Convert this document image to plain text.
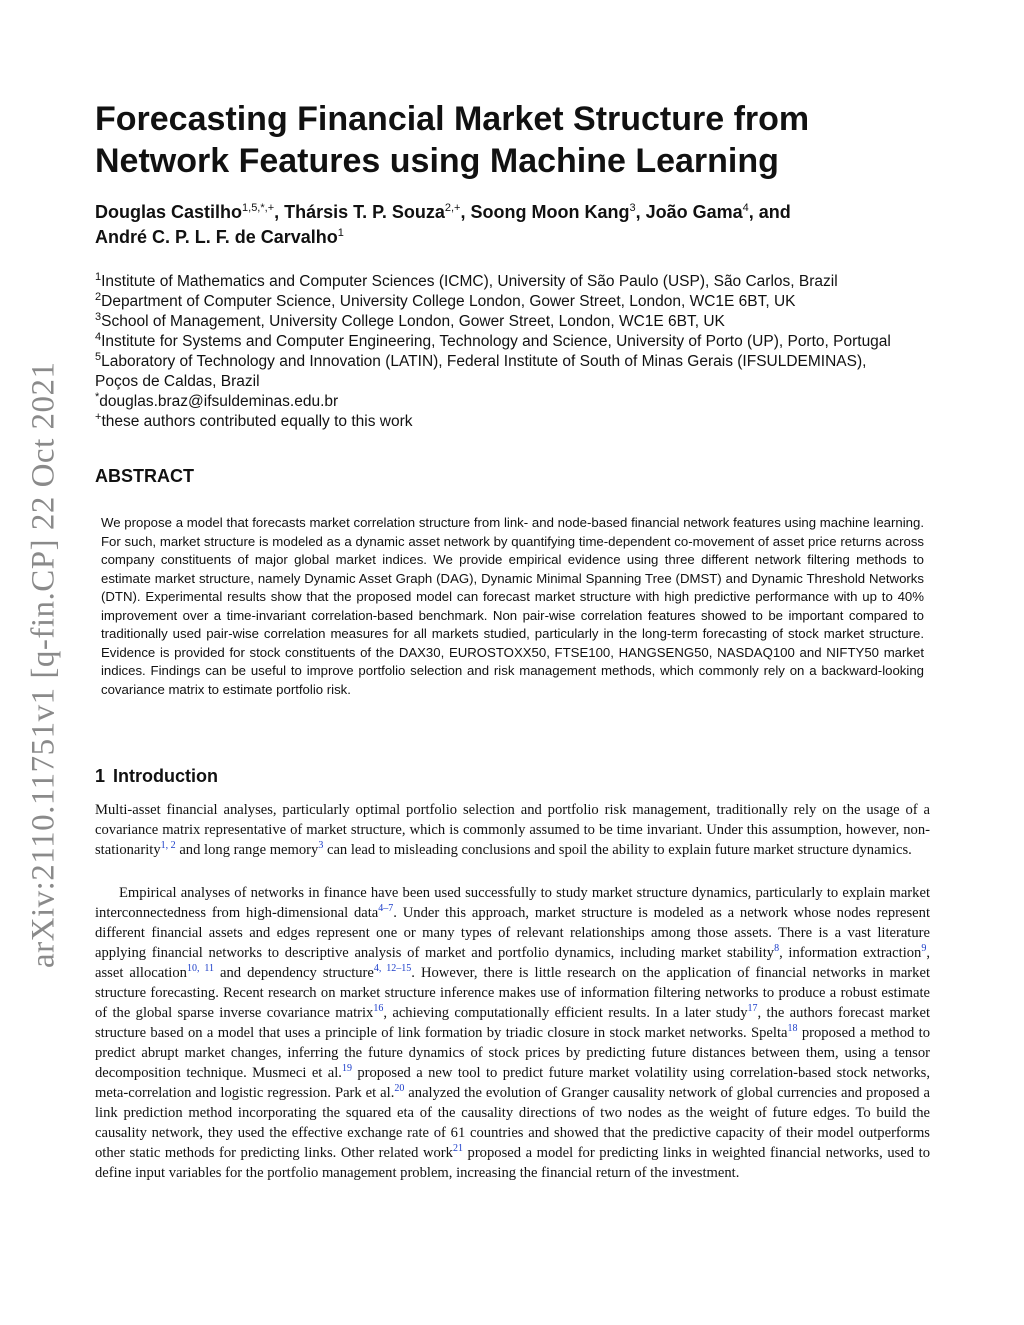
arXiv:2110.11751v1 [q-fin.CP] 22 Oct 2021
Forecasting Financial Market Structure from
Network Features using Machine Learning
Douglas Castilho$^{1,5,*,+}$, Thársis T. P. Souza$^{2,+}$, Soong Moon Kang$^3$, João Gama$^4$, and
André C. P. L. F. de Carvalho$^1$
$^1$Institute of Mathematics and Computer Sciences (ICMC), University of São Paulo (USP), São Carlos, Brazil
$^2$Department of Computer Science, University College London, Gower Street, London, WC1E 6BT, UK
$^3$School of Management, University College London, Gower Street, London, WC1E 6BT, UK
$^4$Institute for Systems and Computer Engineering, Technology and Science, University of Porto (UP), Porto, Portugal
$^5$Laboratory of Technology and Innovation (LATIN), Federal Institute of South of Minas Gerais (IFSULDEMINAS),
Poços de Caldas, Brazil
*douglas.braz@ifsuldeminas.edu.br
+these authors contributed equally to this work
ABSTRACT

We propose a model that forecasts market correlation structure from link- and node-based financial network features using machine learning. For such, market structure is modeled as a dynamic asset network by quantifying time-dependent co-movement of asset price returns across company constituents of major global market indices. We provide empirical evidence using three different network filtering methods to estimate market structure, namely Dynamic Asset Graph (DAG), Dynamic Minimal Spanning Tree (DMST) and Dynamic Threshold Networks (DTN). Experimental results show that the proposed model can forecast market structure with high predictive performance with up to 40% improvement over a time-invariant correlation-based benchmark. Non pair-wise correlation features showed to be important compared to traditionally used pair-wise correlation measures for all markets studied, particularly in the long-term forecasting of stock market structure. Evidence is provided for stock constituents of the DAX30, EUROSTOXX50, FTSE100, HANGSENG50, NASDAQ100 and NIFTY50 market indices. Findings can be useful to improve portfolio selection and risk management methods, which commonly rely on a backward-looking covariance matrix to estimate portfolio risk.

1 Introduction

Multi-asset financial analyses, particularly optimal portfolio selection and portfolio risk management, traditionally rely on the usage of a covariance matrix representative of market structure, which is commonly assumed to be time invariant. Under this assumption, however, non-stationarity$^{1, 2}$ and long range memory$^3$ can lead to misleading conclusions and spoil the ability to explain future market structure dynamics.

Empirical analyses of networks in finance have been used successfully to study market structure dynamics, particularly to explain market interconnectedness from high-dimensional data$^{4-7}$. Under this approach, market structure is modeled as a network whose nodes represent different financial assets and edges represent one or many types of relevant relationships among those assets. There is a vast literature applying financial networks to descriptive analysis of market and portfolio dynamics, including market stability$^8$, information extraction$^9$, asset allocation$^{10, 11}$ and dependency structure$^{4, 12-15}$. However, there is little research on the application of financial networks in market structure forecasting. Recent research on market structure inference makes use of information filtering networks to produce a robust estimate of the global sparse inverse covariance matrix$^{16}$, achieving computationally efficient results. In a later study$^{17}$, the authors forecast market structure based on a model that uses a principle of link formation by triadic closure in stock market networks. Spelta$^{18}$ proposed a method to predict abrupt market changes, inferring the future dynamics of stock prices by predicting future distances between them, using a tensor decomposition technique. Musmeci et al.$^{19}$ proposed a new tool to predict future market volatility using correlation-based stock networks, meta-correlation and logistic regression. Park et al.$^{20}$ analyzed the evolution of Granger causality network of global currencies and proposed a link prediction method incorporating the squared eta of the causality directions of two nodes as the weight of future edges. To build the causality network, they used the effective exchange rate of 61 countries and showed that the predictive capacity of their model outperforms other static methods for predicting links. Other related work$^{21}$ proposed a model for predicting links in weighted financial networks, used to define input variables for the portfolio management problem, increasing the financial return of the investment.
